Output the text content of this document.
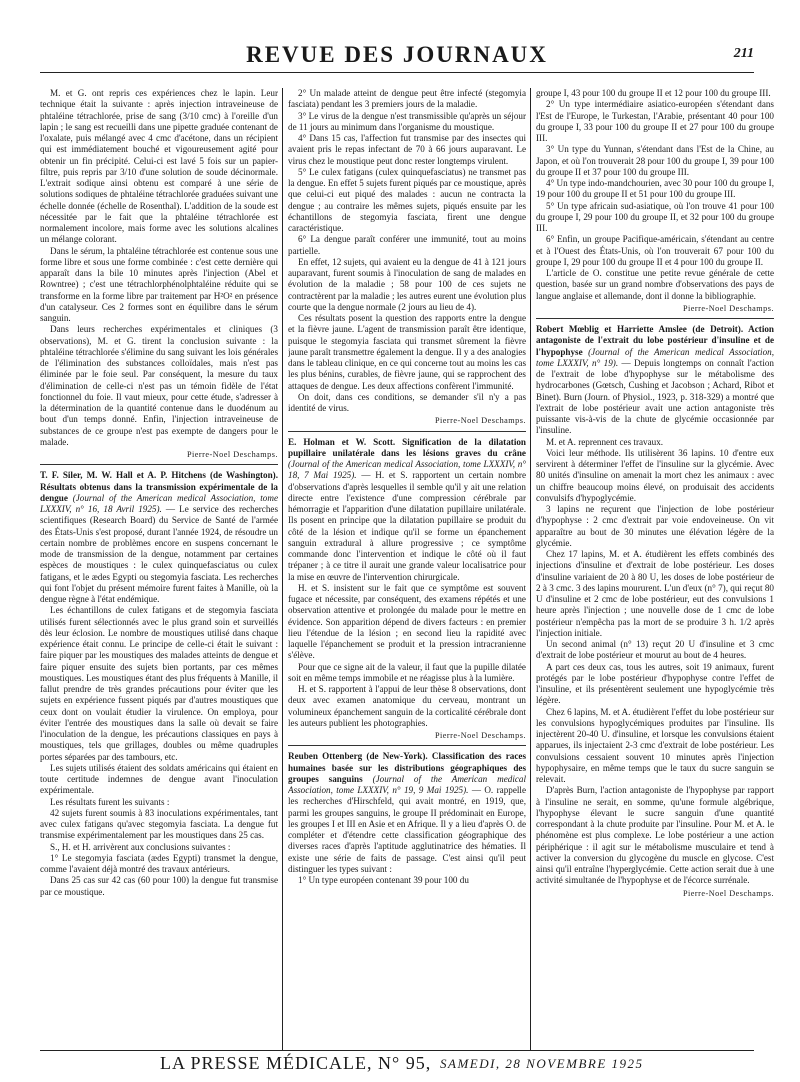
REVUE DES JOURNAUX	211

M. et G. ont repris ces expériences chez le lapin. Leur technique était la suivante : après injection intraveineuse de phtaléine tétrachlorée, prise de sang (3/10 cmc) à l'oreille d'un lapin ; le sang est recueilli dans une pipette graduée contenant de l'oxalate, puis mélangé avec 4 cmc d'acétone, dans un récipient qui est immédiatement bouché et vigoureusement agité pour obtenir un fin précipité. Celui-ci est lavé 5 fois sur un papier-filtre, puis repris par 3/10 d'une solution de soude décinormale. L'extrait sodique ainsi obtenu est comparé à une série de solutions sodiques de phtaléine tétrachlorée graduées suivant une échelle donnée (échelle de Rosenthal). L'addition de la soude est nécessitée par le fait que la phtaléine tétrachlorée est normalement incolore, mais forme avec les solutions alcalines un mélange colorant.

Dans le sérum, la phtaléine tétrachlorée est contenue sous une forme libre et sous une forme combinée : c'est cette dernière qui apparaît dans la bile 10 minutes après l'injection (Abel et Rowntree) ; c'est une tétrachlorphénolphtaléine réduite qui se transforme en la forme libre par traitement par H²O² en présence d'un catalyseur. Ces 2 formes sont en équilibre dans le sérum sanguin.

Dans leurs recherches expérimentales et cliniques (3 observations), M. et G. tirent la conclusion suivante : la phtaléine tétrachlorée s'élimine du sang suivant les lois générales de l'élimination des substances colloïdales, mais n'est pas éliminée par le foie seul. Par conséquent, la mesure du taux d'élimination de celle-ci n'est pas un témoin fidèle de l'état fonctionnel du foie. Il vaut mieux, pour cette étude, s'adresser à la détermination de la quantité contenue dans le duodénum au bout d'un temps donné. Enfin, l'injection intraveineuse de substances de ce groupe n'est pas exempte de dangers pour le malade.

Pierre-Noel Deschamps.

T. F. Siler, M. W. Hall et A. P. Hitchens (de Washington). Résultats obtenus dans la transmission expérimentale de la dengue (Journal of the American medical Association, tome LXXXIV, n° 16, 18 Avril 1925). — Le service des recherches scientifiques (Research Board) du Service de Santé de l'armée des États-Unis s'est proposé, durant l'année 1924, de résoudre un certain nombre de problèmes encore en suspens concernant le mode de transmission de la dengue, notamment par certaines espèces de moustiques : le culex quinquefasciatus ou culex fatigans, et le ædes Egypti ou stegomyia fasciata. Les recherches qui font l'objet du présent mémoire furent faites à Manille, où la dengue règne à l'état endémique.

Les échantillons de culex fatigans et de stegomyia fasciata utilisés furent sélectionnés avec le plus grand soin et surveillés dès leur éclosion. Le nombre de moustiques utilisé dans chaque expérience était connu. Le principe de celle-ci était le suivant : faire piquer par les moustiques des malades atteints de dengue et faire piquer ensuite des sujets bien portants, par ces mêmes moustiques. Les moustiques étant des plus fréquents à Manille, il fallut prendre de très grandes précautions pour éviter que les sujets en expérience fussent piqués par d'autres moustiques que ceux dont on voulait étudier la virulence. On employa, pour éviter l'entrée des moustiques dans la salle où devait se faire l'inoculation de la dengue, les précautions classiques en pays à moustiques, tels que grillages, doubles ou même quadruples portes séparées par des tambours, etc.

Les sujets utilisés étaient des soldats américains qui étaient en toute certitude indemnes de dengue avant l'inoculation expérimentale.

Les résultats furent les suivants :

42 sujets furent soumis à 83 inoculations expérimentales, tant avec culex fatigans qu'avec stegomyia fasciata. La dengue fut transmise expérimentalement par les moustiques dans 25 cas.

S., H. et H. arrivèrent aux conclusions suivantes :

1° Le stegomyia fasciata (ædes Egypti) transmet la dengue, comme l'avaient déjà montré des travaux antérieurs.

Dans 25 cas sur 42 cas (60 pour 100) la dengue fut transmise par ce moustique.

2° Un malade atteint de dengue peut être infecté (stegomyia fasciata) pendant les 3 premiers jours de la maladie.

3° Le virus de la dengue n'est transmissible qu'après un séjour de 11 jours au minimum dans l'organisme du moustique.

4° Dans 15 cas, l'affection fut transmise par des insectes qui avaient pris le repas infectant de 70 à 66 jours auparavant. Le virus chez le moustique peut donc rester longtemps virulent.

5° Le culex fatigans (culex quinquefasciatus) ne transmet pas la dengue. En effet 5 sujets furent piqués par ce moustique, après que celui-ci eut piqué des malades : aucun ne contracta la dengue ; au contraire les mêmes sujets, piqués ensuite par les échantillons de stegomyia fasciata, firent une dengue caractéristique.

6° La dengue paraît conférer une immunité, tout au moins partielle.

En effet, 12 sujets, qui avaient eu la dengue de 41 à 121 jours auparavant, furent soumis à l'inoculation de sang de malades en évolution de la maladie ; 58 pour 100 de ces sujets ne contractèrent par la maladie ; les autres eurent une évolution plus courte que la dengue normale (2 jours au lieu de 4).

Ces résultats posent la question des rapports entre la dengue et la fièvre jaune. L'agent de transmission paraît être identique, puisque le stegomyia fasciata qui transmet sûrement la fièvre jaune paraît transmettre également la dengue. Il y a des analogies dans le tableau clinique, en ce qui concerne tout au moins les cas les plus bénins, curables, de fièvre jaune, qui se rapprochent des attaques de dengue. Les deux affections confèrent l'immunité.

On doit, dans ces conditions, se demander s'il n'y a pas identité de virus.

Pierre-Noel Deschamps.

E. Holman et W. Scott. Signification de la dilatation pupillaire unilatérale dans les lésions graves du crâne (Journal of the American medical Association, tome LXXXIV, n° 18, 7 Mai 1925). — H. et S. rapportent un certain nombre d'observations d'après lesquelles il semble qu'il y ait une relation directe entre l'existence d'une compression cérébrale par hémorragie et l'apparition d'une dilatation pupillaire unilatérale. Ils posent en principe que la dilatation pupillaire se produit du côté de la lésion et indique qu'il se forme un épanchement sanguin extradural à allure progressive ; ce symptôme commande donc l'intervention et indique le côté où il faut trépaner ; à ce titre il aurait une grande valeur localisatrice pour la mise en œuvre de l'intervention chirurgicale.

H. et S. insistent sur le fait que ce symptôme est souvent fugace et nécessite, par conséquent, des examens répétés et une observation attentive et prolongée du malade pour le mettre en évidence. Son apparition dépend de divers facteurs : en premier lieu l'étendue de la lésion ; en second lieu la rapidité avec laquelle l'épanchement se produit et la pression intracranienne s'élève.

Pour que ce signe ait de la valeur, il faut que la pupille dilatée soit en même temps immobile et ne réagisse plus à la lumière.

H. et S. rapportent à l'appui de leur thèse 8 observations, dont deux avec examen anatomique du cerveau, montrant un volumineux épanchement sanguin de la corticalité cérébrale dont les auteurs publient les photographies.

Pierre-Noel Deschamps.

Reuben Ottenberg (de New-York). Classification des races humaines basée sur les distributions géographiques des groupes sanguins (Journal of the American medical Association, tome LXXXIV, n° 19, 9 Mai 1925). — O. rappelle les recherches d'Hirschfeld, qui avait montré, en 1919, que, parmi les groupes sanguins, le groupe II prédominait en Europe, les groupes I et III en Asie et en Afrique. Il y a lieu d'après O. de compléter et d'étendre cette classification géographique des diverses races d'après l'aptitude agglutinatrice des hématies. Il existe une série de faits de passage. C'est ainsi qu'il peut distinguer les types suivant :

1° Un type européen contenant 39 pour 100 du

groupe I, 43 pour 100 du groupe II et 12 pour 100 du groupe III.

2° Un type intermédiaire asiatico-européen s'étendant dans l'Est de l'Europe, le Turkestan, l'Arabie, présentant 40 pour 100 du groupe I, 33 pour 100 du groupe II et 27 pour 100 du groupe III.

3° Un type du Yunnan, s'étendant dans l'Est de la Chine, au Japon, et où l'on trouverait 28 pour 100 du groupe I, 39 pour 100 du groupe II et 37 pour 100 du groupe III.

4° Un type indo-mandchourien, avec 30 pour 100 du groupe I, 19 pour 100 du groupe II et 51 pour 100 du groupe III.

5° Un type africain sud-asiatique, où l'on trouve 41 pour 100 du groupe I, 29 pour 100 du groupe II, et 32 pour 100 du groupe III.

6° Enfin, un groupe Pacifique-américain, s'étendant au centre et à l'Ouest des États-Unis, où l'on trouverait 67 pour 100 du groupe I, 29 pour 100 du groupe II et 4 pour 100 du groupe II.

L'article de O. constitue une petite revue générale de cette question, basée sur un grand nombre d'observations des pays de langue anglaise et allemande, dont il donne la bibliographie.

Pierre-Noel Deschamps.

Robert Mœblig et Harriette Amslee (de Detroit). Action antagoniste de l'extrait du lobe postérieur d'insuline et de l'hypophyse (Journal of the American medical Association, tome LXXXIV, n° 19). — Depuis longtemps on connaît l'action de l'extrait de lobe d'hypophyse sur le métabolisme des hydrocarbones (Gœtsch, Cushing et Jacobson ; Achard, Ribot et Binet). Burn (Journ. of Physiol., 1923, p. 318-329) a montré que l'extrait de lobe postérieur avait une action antagoniste très puissante vis-à-vis de la chute de glycémie occasionnée par l'insuline.

M. et A. reprennent ces travaux.

Voici leur méthode. Ils utilisèrent 36 lapins. 10 d'entre eux servirent à déterminer l'effet de l'insuline sur la glycémie. Avec 80 unités d'insuline on amenait la mort chez les animaux : avec un chiffre beaucoup moins élevé, on produisait des accidents convulsifs d'hypoglycémie.

3 lapins ne reçurent que l'injection de lobe postérieur d'hypophyse : 2 cmc d'extrait par voie endoveineuse. On vit apparaître au bout de 30 minutes une élévation légère de la glycémie.

Chez 17 lapins, M. et A. étudièrent les effets combinés des injections d'insuline et d'extrait de lobe postérieur. Les doses d'insuline variaient de 20 à 80 U, les doses de lobe postérieur de 2 à 3 cmc. 3 des lapins moururent. L'un d'eux (n° 7), qui reçut 80 U d'insuline et 2 cmc de lobe postérieur, eut des convulsions 1 heure après l'injection ; une nouvelle dose de 1 cmc de lobe postérieur n'empêcha pas la mort de se produire 3 h. 1/2 après l'injection initiale.

Un second animal (n° 13) reçut 20 U d'insuline et 3 cmc d'extrait de lobe postérieur et mourut au bout de 4 heures.

A part ces deux cas, tous les autres, soit 19 animaux, furent protégés par le lobe postérieur d'hypophyse contre l'effet de l'insuline, et ils présentèrent seulement une hypoglycémie très légère.

Chez 6 lapins, M. et A. étudièrent l'effet du lobe postérieur sur les convulsions hypoglycémiques produites par l'insuline. Ils injectèrent 20-40 U. d'insuline, et lorsque les convulsions étaient apparues, ils injectaient 2-3 cmc d'extrait de lobe postérieur. Les convulsions cessaient souvent 10 minutes après l'injection hypophysaire, en même temps que le taux du sucre sanguin se relevait.

D'après Burn, l'action antagoniste de l'hypophyse par rapport à l'insuline ne serait, en somme, qu'une formule algébrique, l'hypophyse élevant le sucre sanguin d'une quantité correspondant à la chute produite par l'insuline. Pour M. et A. le phénomène est plus complexe. Le lobe postérieur a une action périphérique : il agit sur le métabolisme musculaire et tend à activer la conversion du glycogène du muscle en glycose. C'est ainsi qu'il entraîne l'hyperglycémie. Cette action serait due à une activité simultanée de l'hypophyse et de l'écorce surrénale.

Pierre-Noel Deschamps.
LA PRESSE MÉDICALE, N° 95, SAMEDI, 28 NOVEMBRE 1925
